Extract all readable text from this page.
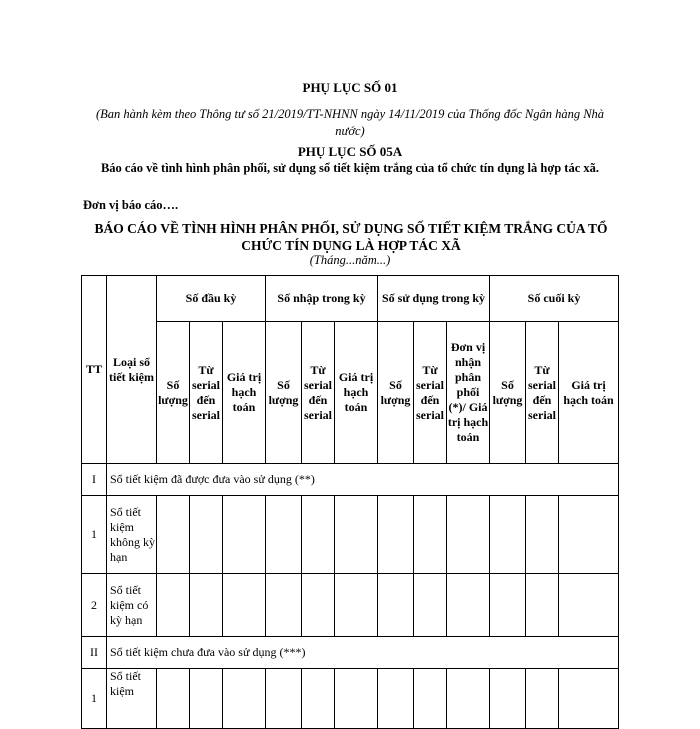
PHỤ LỤC SỐ 01
(Ban hành kèm theo Thông tư số 21/2019/TT-NHNN ngày 14/11/2019 của Thống đốc Ngân hàng Nhà nước)
PHỤ LỤC SỐ 05A
Báo cáo về tình hình phân phối, sử dụng sổ tiết kiệm trắng của tổ chức tín dụng là hợp tác xã.
Đơn vị báo cáo….
BÁO CÁO VỀ TÌNH HÌNH PHÂN PHỐI, SỬ DỤNG SỐ TIẾT KIỆM TRẮNG CỦA TỔ CHỨC TÍN DỤNG LÀ HỢP TÁC XÃ
(Tháng...năm...)
TT	Loại sổ tiết kiệm	Số đầu kỳ			Số nhập trong kỳ			Số sử dụng trong kỳ			Số cuối kỳ		
		Số lượng	Từ serial đến serial	Giá trị hạch toán	Số lượng	Từ serial đến serial	Giá trị hạch toán	Số lượng	Từ serial đến serial	Đơn vị nhận phân phối (*)/ Giá trị hạch toán	Số lượng	Từ serial đến serial	Giá trị hạch toán
I	Sổ tiết kiệm đã được đưa vào sử dụng (**)												
1	Sổ tiết kiệm không kỳ hạn												
2	Sổ tiết kiệm có kỳ hạn												
II	Sổ tiết kiệm chưa đưa vào sử dụng (***)												
1	Sổ tiết kiệm												
